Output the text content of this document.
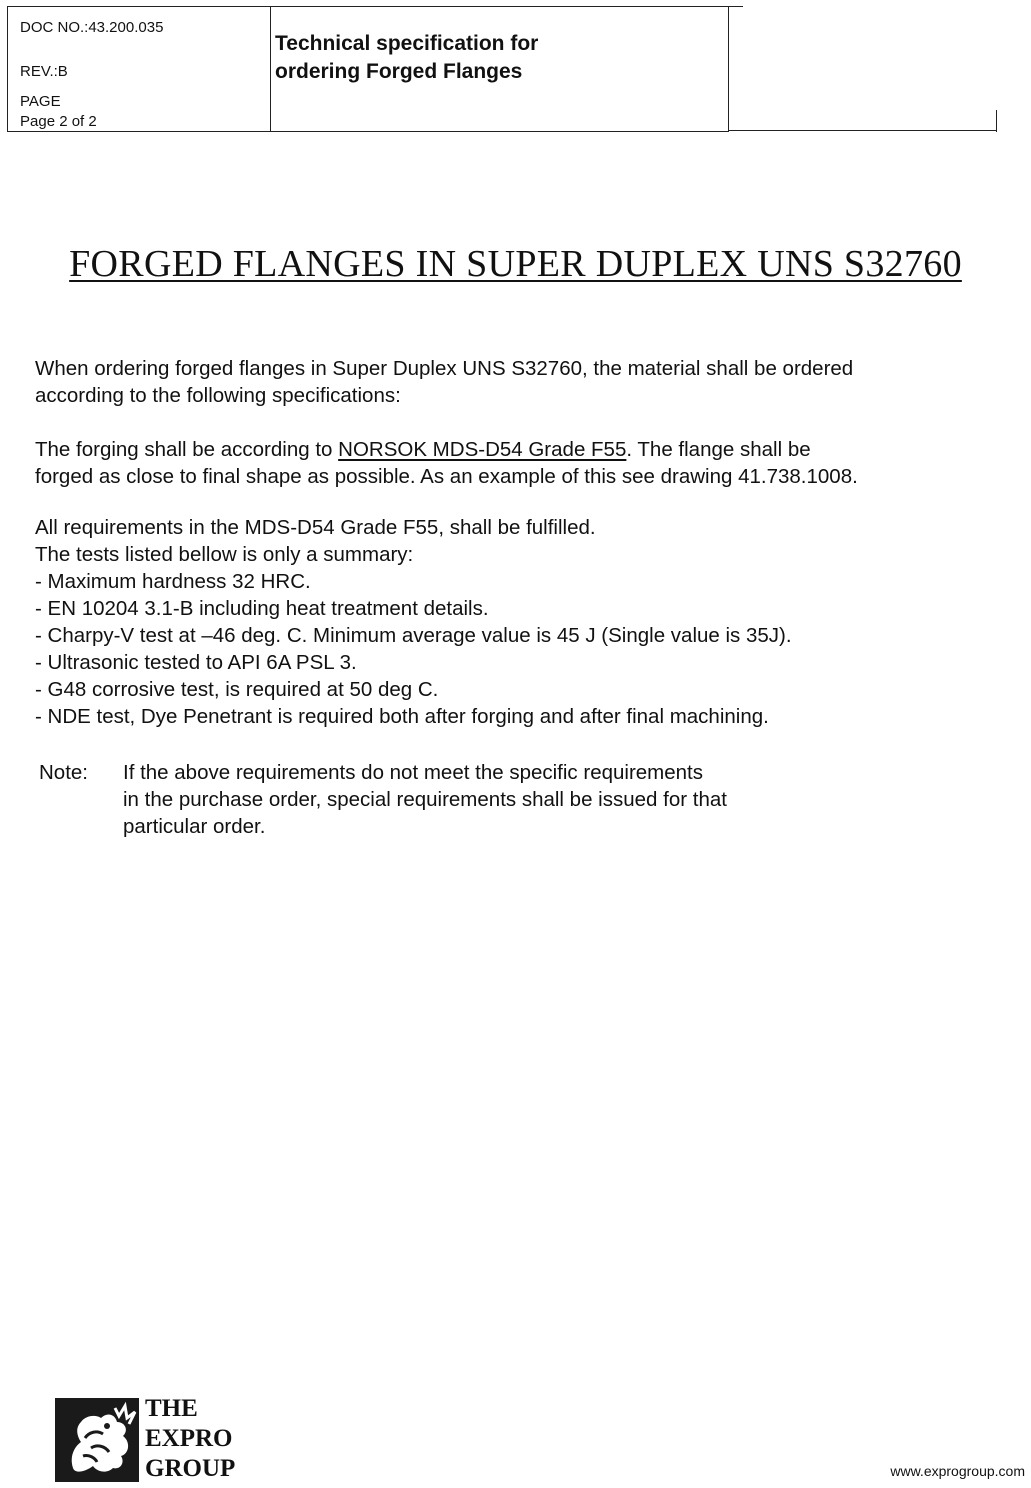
DOC NO.:43.200.035
REV.:B
PAGE
Page 2 of 2
Technical specification for
ordering Forged Flanges
FORGED FLANGES IN SUPER DUPLEX UNS S32760
When ordering forged flanges in Super Duplex UNS S32760, the material shall be ordered
according to the following specifications:
The forging shall be according to NORSOK MDS-D54 Grade F55. The flange shall be
forged as close to final shape as possible. As an example of this see drawing 41.738.1008.
All requirements in the MDS-D54 Grade F55, shall be fulfilled.
The tests listed bellow is only a summary:
- Maximum hardness 32 HRC.
- EN 10204 3.1-B including heat treatment details.
- Charpy-V test at –46 deg. C. Minimum average value is 45 J (Single value is 35J).
- Ultrasonic tested to API 6A PSL 3.
- G48 corrosive test, is required at 50 deg C.
- NDE test, Dye Penetrant is required both after forging and after final machining.
Note: If the above requirements do not meet the specific requirements
in the purchase order, special requirements shall be issued for that
particular order.
THE
EXPRO
GROUP	www.exprogroup.com
